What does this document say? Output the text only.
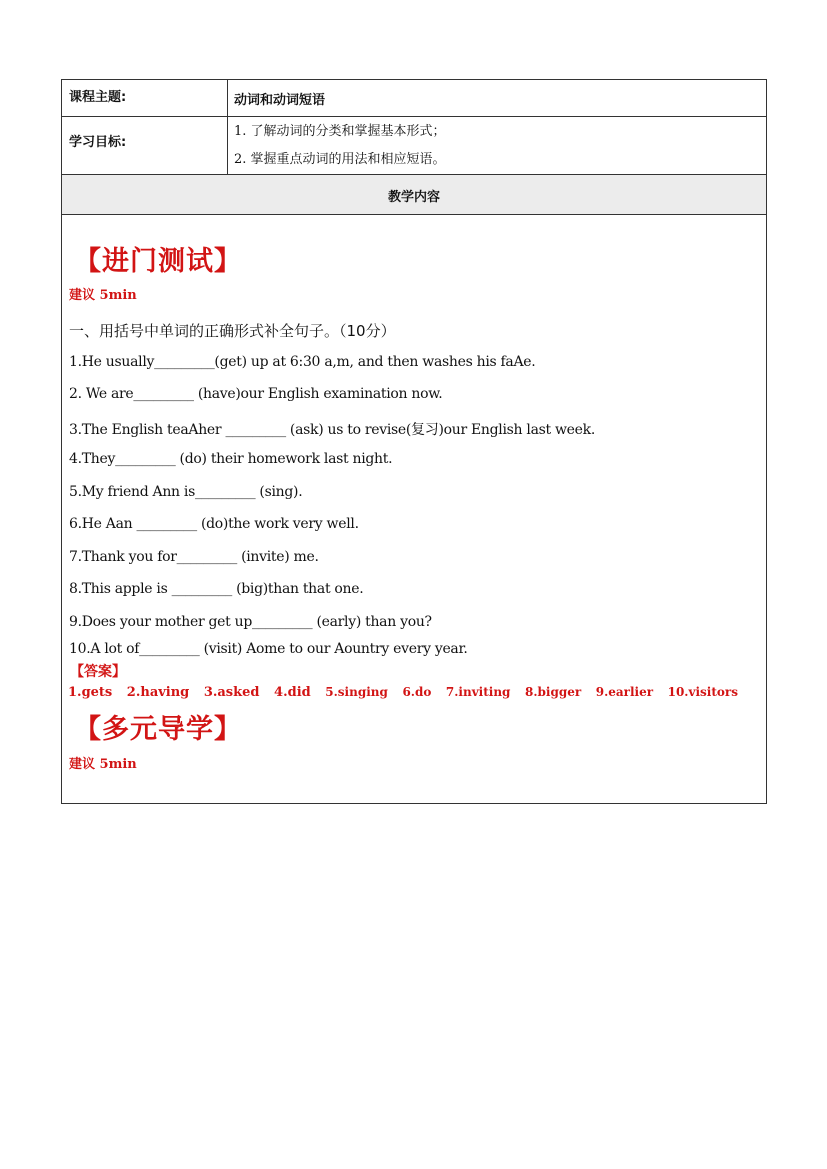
课程主题:	动词和动词短语

学习目标:	1. 了解动词的分类和掌握基本形式；
2. 掌握重点动词的用法和相应短语。

教学内容	
【进门测试】
建议 5min
一、用括号中单词的正确形式补全句子。（10分）
1.He usually_________(get) up at 6:30 a,m, and then washes his faAe.
2. We are_________ (have)our English examination now.
3.The English teaAher _________ (ask) us to revise(复习)our English last week.
4.They_________ (do) their homework last night.
5.My friend Ann is_________ (sing).
6.He Aan _________ (do)the work very well.
7.Thank you for_________ (invite) me.
8.This apple is _________ (big)than that one.
9.Does your mother get up_________ (early) than you?
10.A lot of_________ (visit) Aome to our Aountry every year.
【答案】
1.gets 2.having 3.asked 4.did 5.singing 6.do 7.inviting 8.bigger 9.earlier 10.visitors
【多元导学】
建议 5min
